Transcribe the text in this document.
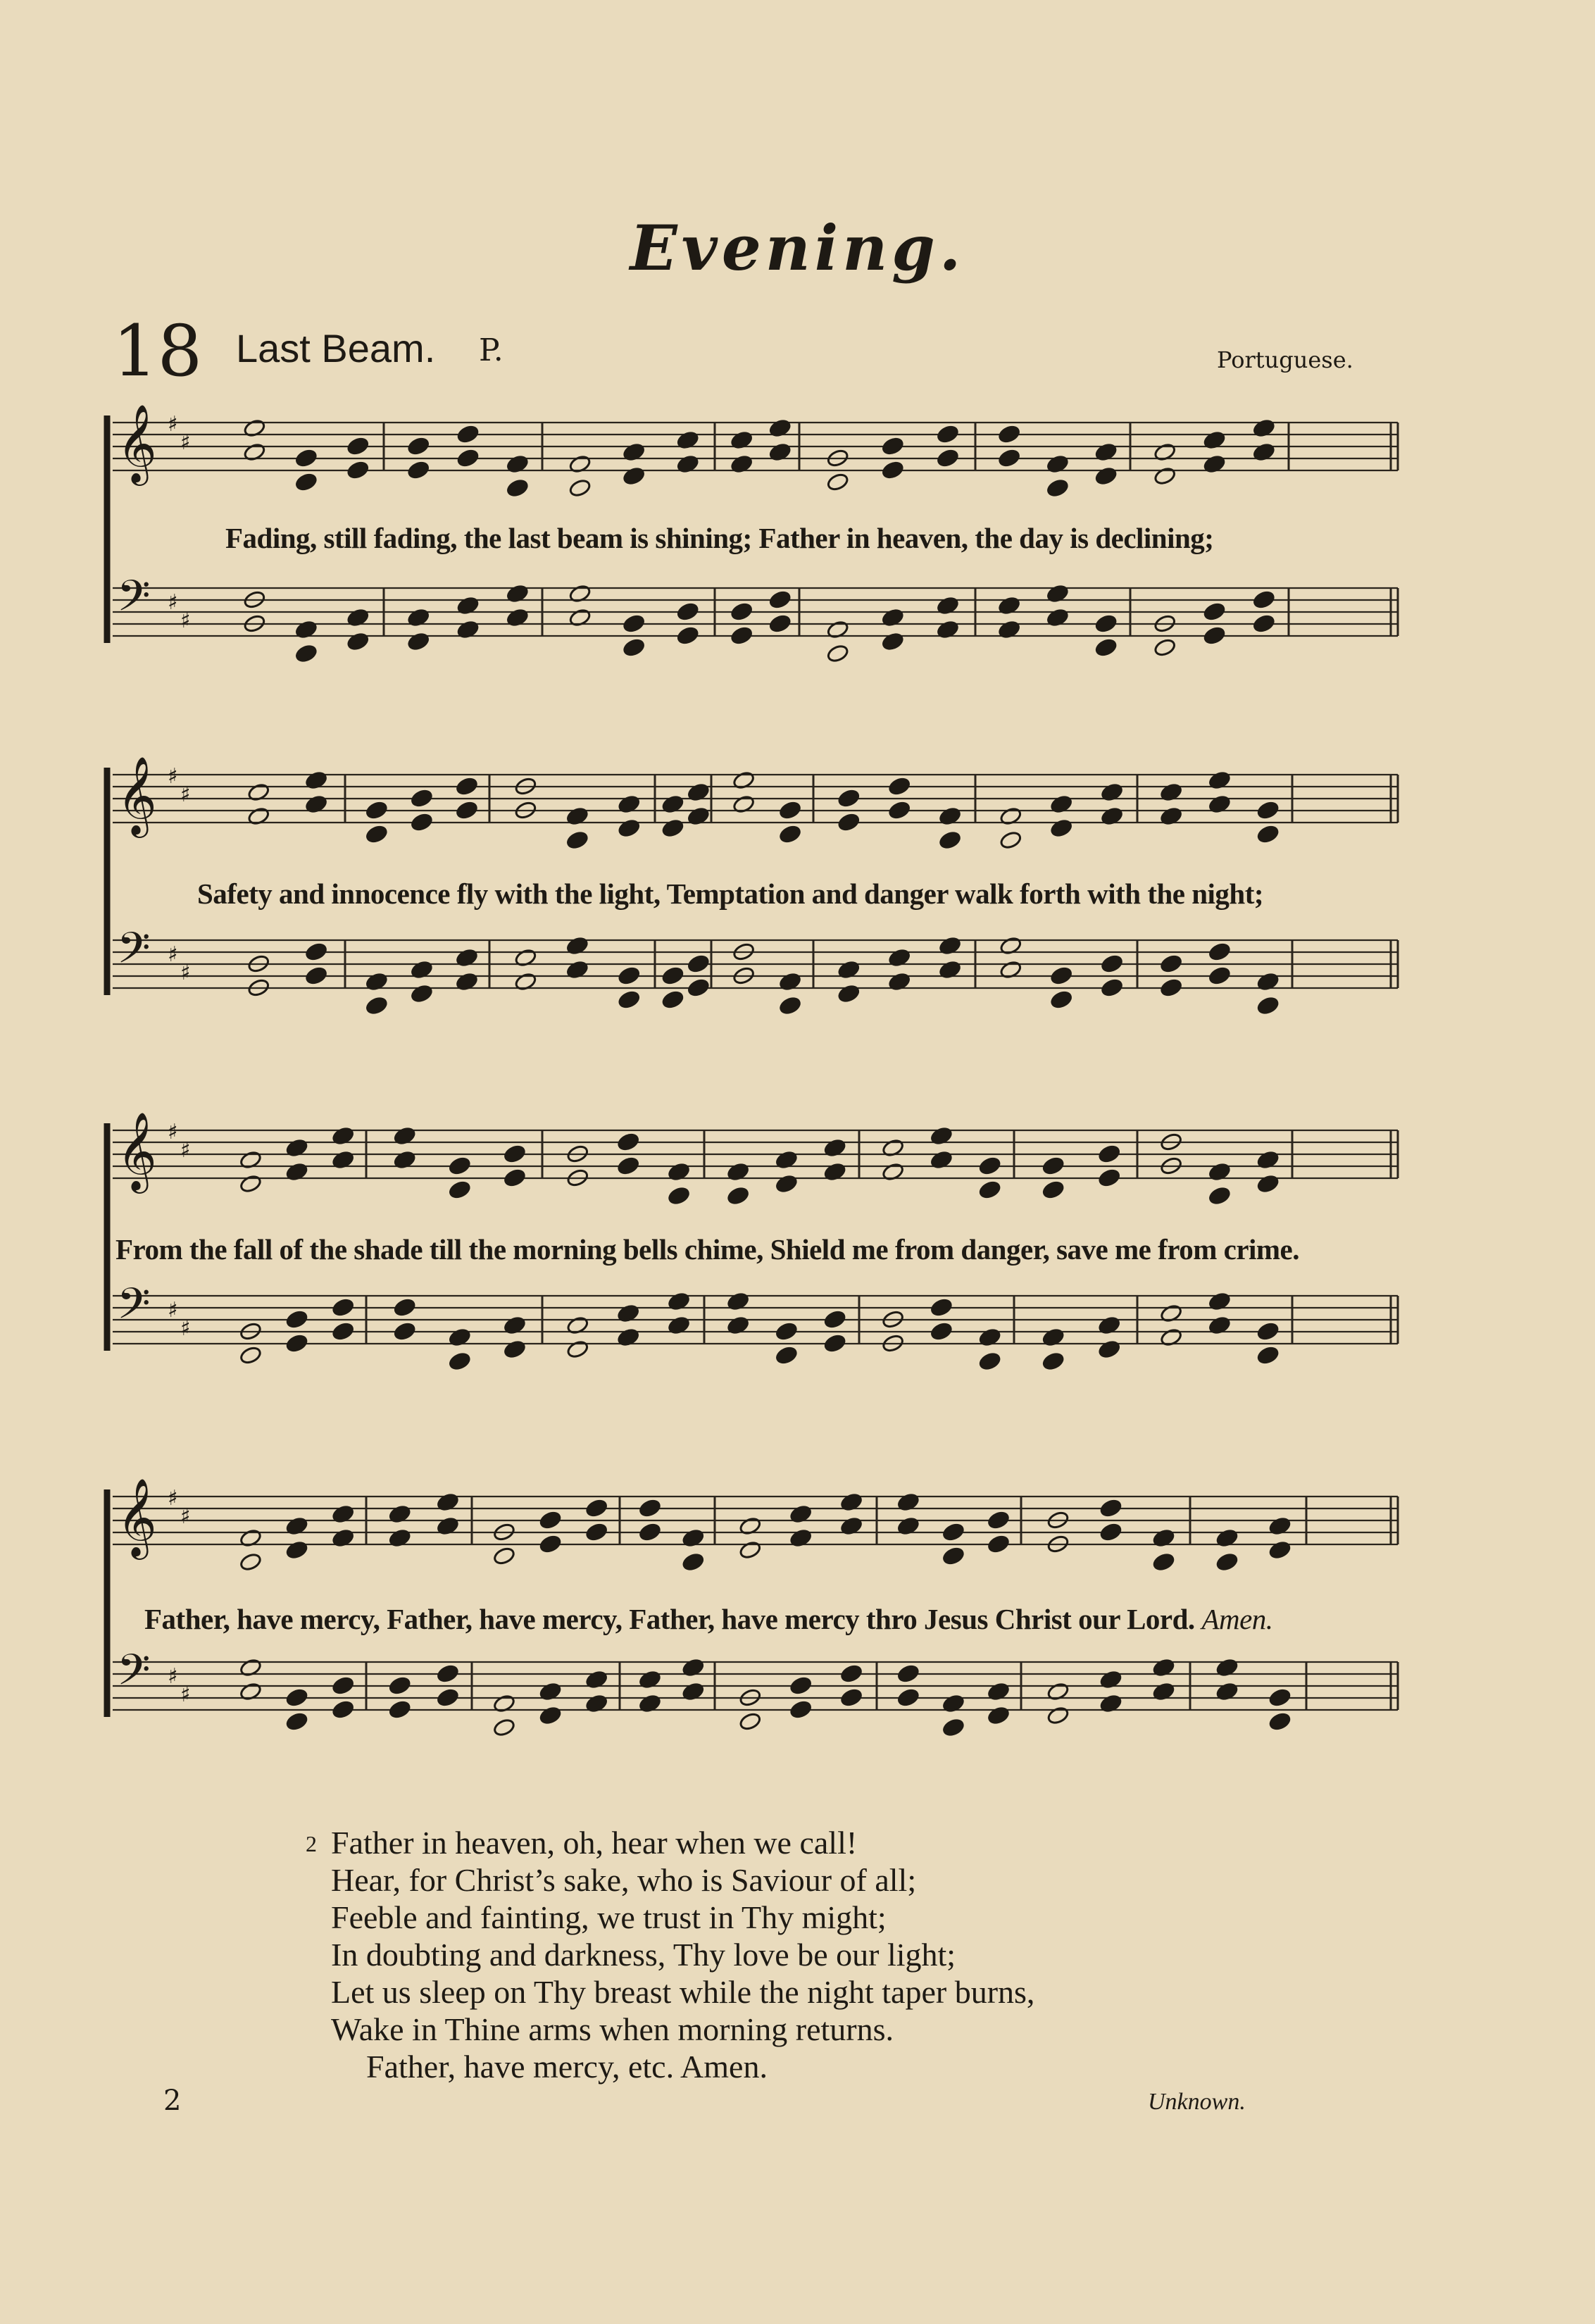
Evening.
18 Last Beam. P.	Portuguese.
𝄞 ♯
♯
𝄢 ♯
♯
𝄞 ♯
♯
𝄢 ♯
♯
𝄞 ♯
♯
𝄢 ♯
♯
𝄞 ♯
♯
𝄢 ♯
♯
Fading, still fading, the last beam is shining; Father in heaven, the day is declining;
Safety and innocence fly with the light, Temptation and danger walk forth with the night;
From the fall of the shade till the morning bells chime, Shield me from danger, save me from crime.
Father, have mercy, Father, have mercy, Father, have mercy thro Jesus Christ our Lord. Amen.
2 Father in heaven, oh, hear when we call!
Hear, for Christ’s sake, who is Saviour of all;
Feeble and fainting, we trust in Thy might;
In doubting and darkness, Thy love be our light;
Let us sleep on Thy breast while the night taper burns,
Wake in Thine arms when morning returns.
Father, have mercy, etc. Amen.
2	Unknown.
